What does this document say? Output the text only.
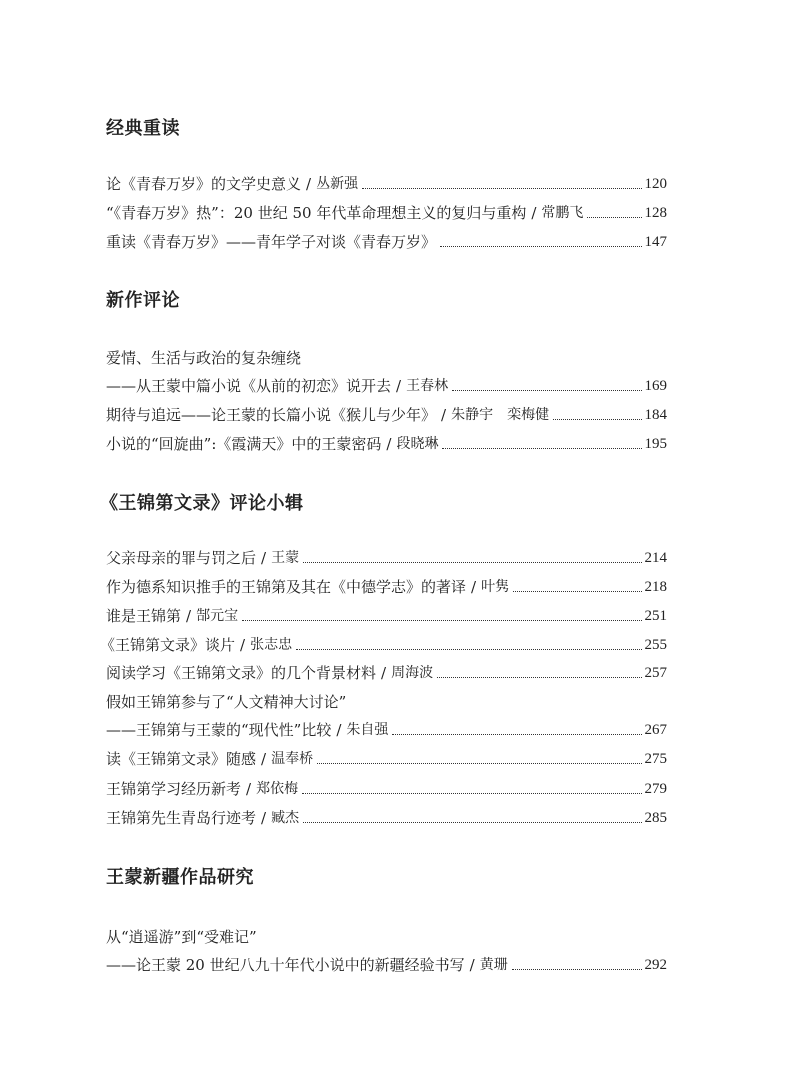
经典重读
论《青春万岁》的文学史意义 / 丛新强	120
“《青春万岁》热”：20 世纪 50 年代革命理想主义的复归与重构 / 常鹏飞	128
重读《青春万岁》——青年学子对谈《青春万岁》	147
新作评论
爱情、生活与政治的复杂缠绕
——从王蒙中篇小说《从前的初恋》说开去 / 王春林	169
期待与追远——论王蒙的长篇小说《猴儿与少年》 / 朱静宇　栾梅健	184
小说的“回旋曲”:《霞满天》中的王蒙密码 / 段晓琳	195
《王锦第文录》评论小辑
父亲母亲的罪与罚之后 / 王蒙	214
作为德系知识推手的王锦第及其在《中德学志》的著译 / 叶隽	218
谁是王锦第 / 郜元宝	251
《王锦第文录》谈片 / 张志忠	255
阅读学习《王锦第文录》的几个背景材料 / 周海波	257
假如王锦第参与了“人文精神大讨论”
——王锦第与王蒙的“现代性”比较 / 朱自强	267
读《王锦第文录》随感 / 温奉桥	275
王锦第学习经历新考 / 郑依梅	279
王锦第先生青岛行迹考 / 臧杰	285
王蒙新疆作品研究
从“逍遥游”到“受难记”
——论王蒙 20 世纪八九十年代小说中的新疆经验书写 / 黄珊	292
